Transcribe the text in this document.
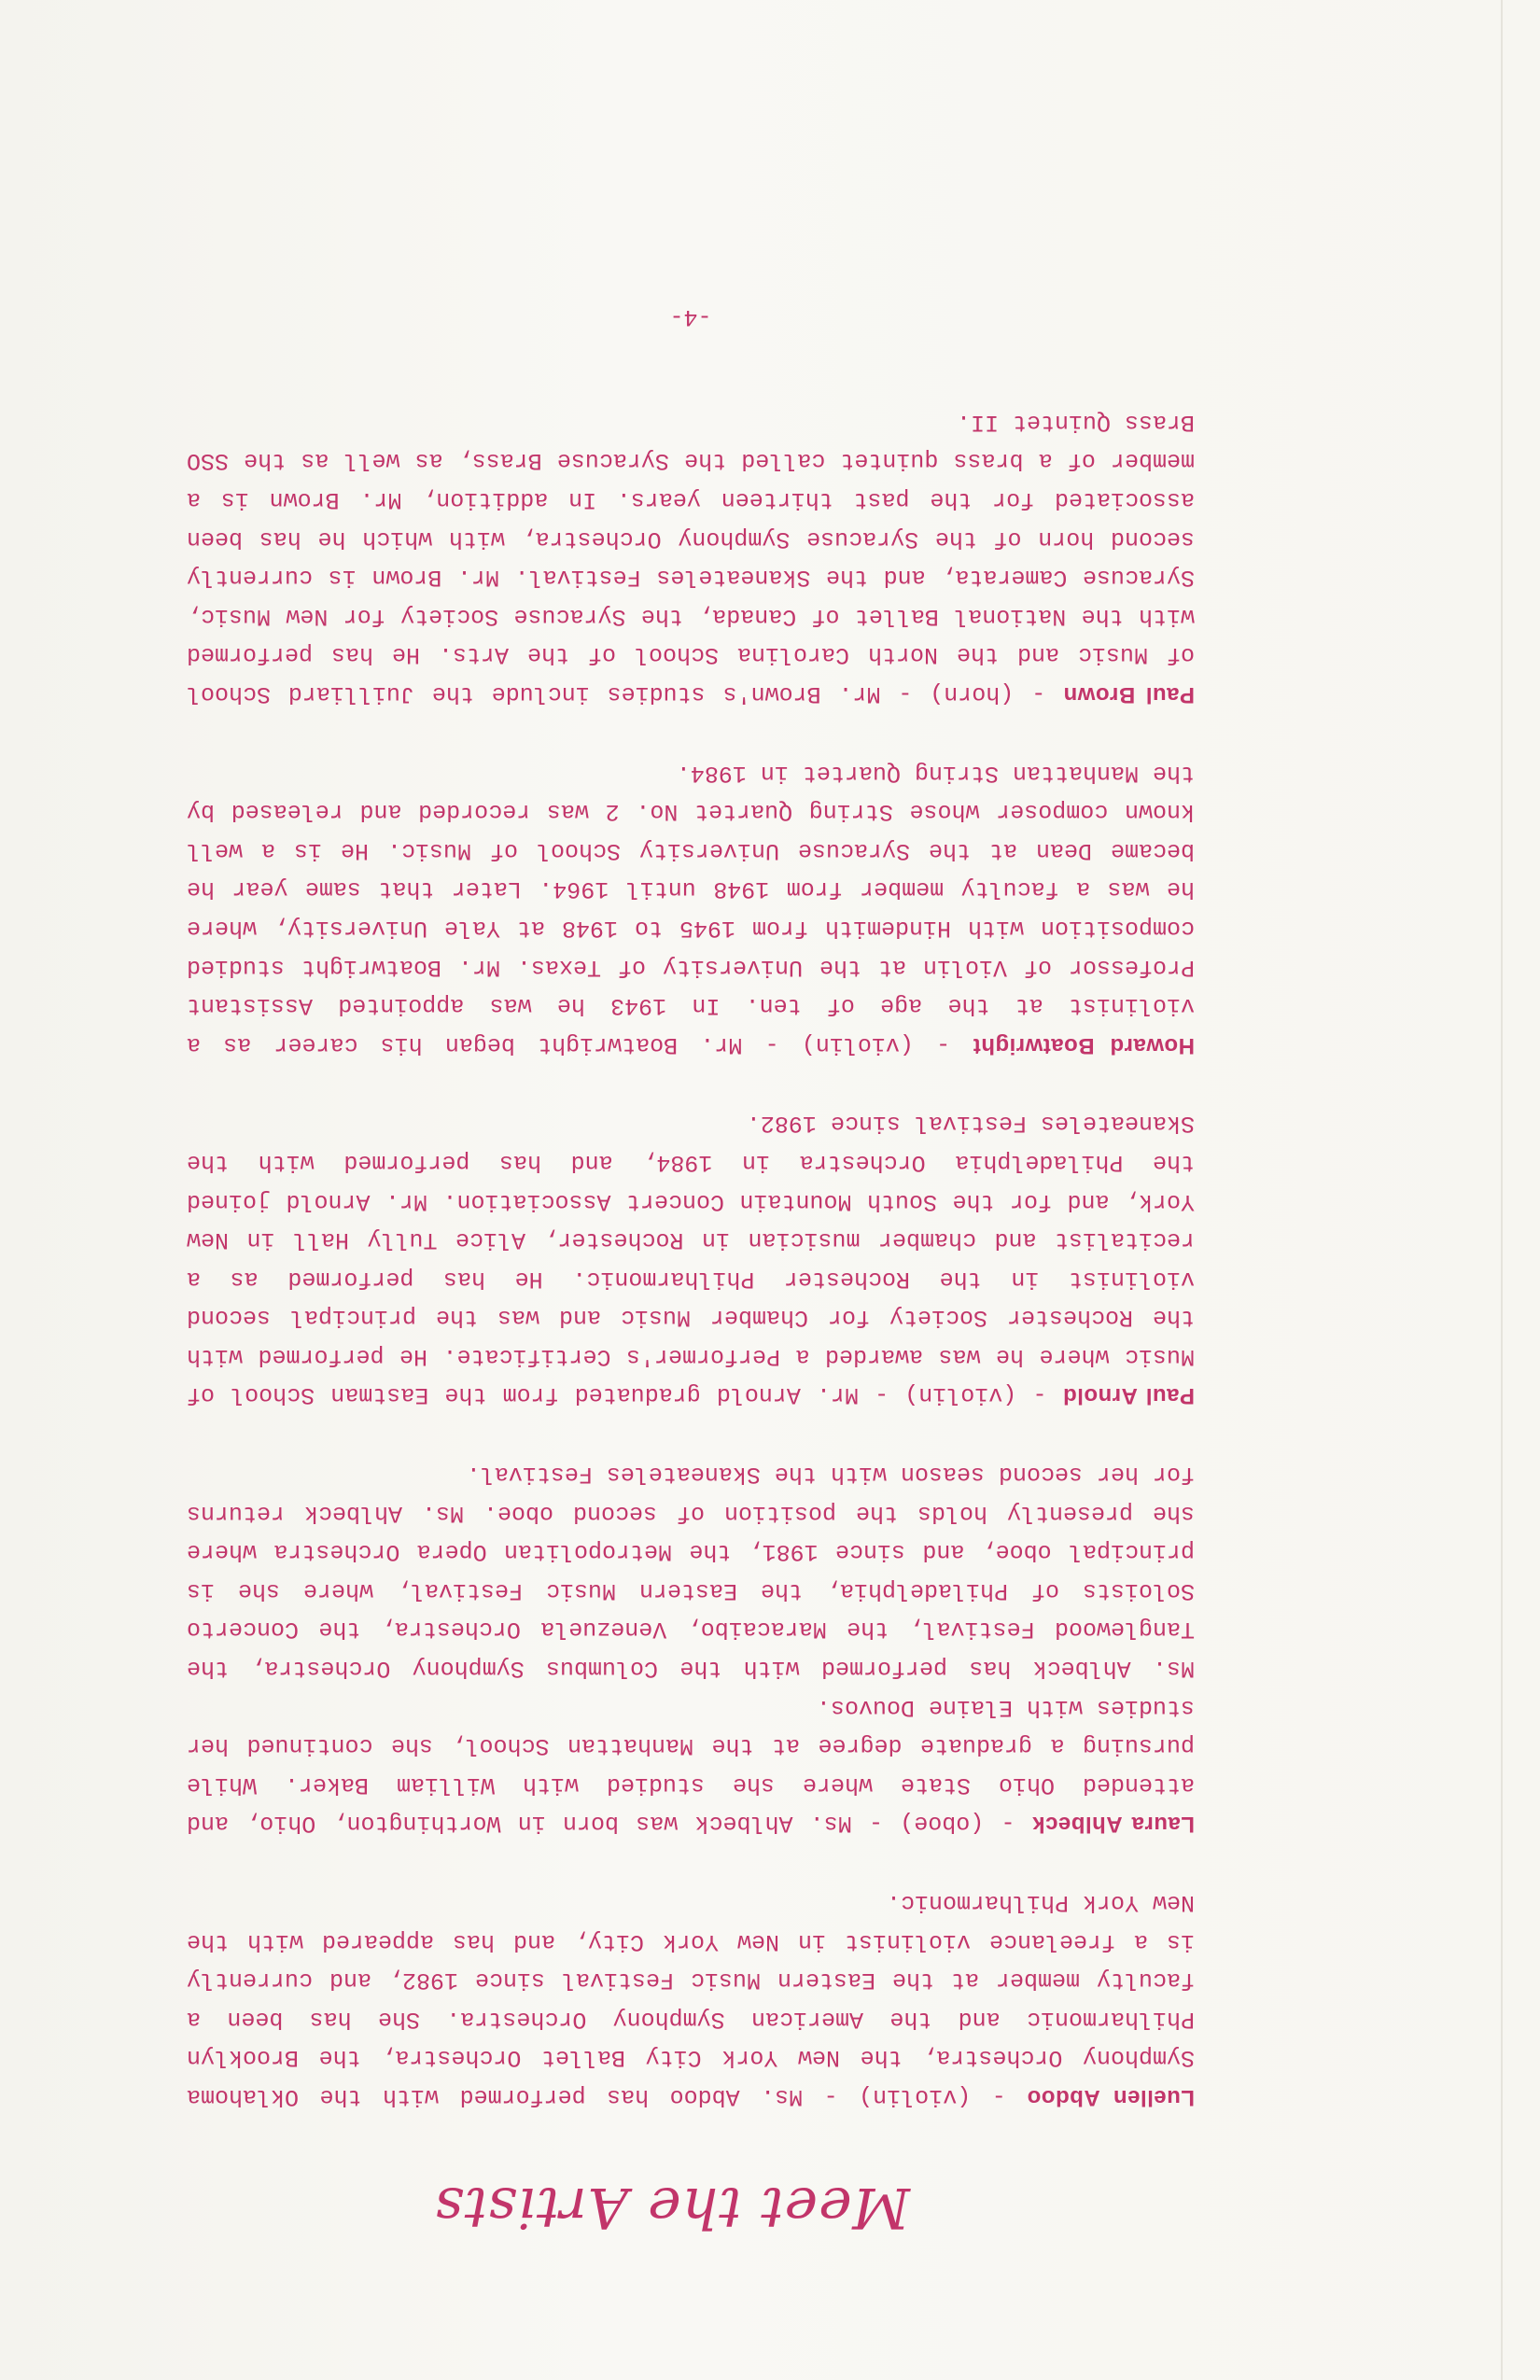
Meet the Artists

Luellen Abdoo - (violin) - Ms. Abdoo has performed with the Oklahoma Symphony Orchestra, the New York City Ballet Orchestra, the Brooklyn Philharmonic and the American Symphony Orchestra. She has been a faculty member at the Eastern Music Festival since 1982, and currently is a freelance violinist in New York City, and has appeared with the New York Philharmonic.

Laura Ahlbeck - (oboe) - Ms. Ahlbeck was born in Worthington, Ohio, and attended Ohio State where she studied with William Baker. While pursuing a graduate degree at the Manhattan School, she continued her studies with Elaine Douvos.

Ms. Ahlbeck has performed with the Columbus Symphony Orchestra, the Tanglewood Festival, the Maracaibo, Venezuela Orchestra, the Concerto Soloists of Philadelphia, the Eastern Music Festival, where she is principal oboe, and since 1981, the Metropolitan Opera Orchestra where she presently holds the position of second oboe. Ms. Ahlbeck returns for her second season with the Skaneateles Festival.

Paul Arnold - (violin) - Mr. Arnold graduated from the Eastman School of Music where he was awarded a Performer's Certificate. He performed with the Rochester Society for Chamber Music and was the principal second violinist in the Rochester Philharmonic. He has performed as a recitalist and chamber musician in Rochester, Alice Tully Hall in New York, and for the South Mountain Concert Association. Mr. Arnold joined the Philadelphia Orchestra in 1984, and has performed with the Skaneateles Festival since 1982.

Howard Boatwright - (violin) - Mr. Boatwright began his career as a violinist at the age of ten. In 1943 he was appointed Assistant Professor of Violin at the University of Texas. Mr. Boatwright studied composition with Hindemith from 1945 to 1948 at Yale University, where he was a faculty member from 1948 until 1964. Later that same year he became Dean at the Syracuse University School of Music. He is a well known composer whose String Quartet No. 2 was recorded and released by the Manhattan String Quartet in 1984.

Paul Brown - (horn) - Mr. Brown's studies include the Juilliard School of Music and the North Carolina School of the Arts. He has performed with the National Ballet of Canada, the Syracuse Society for New Music, Syracuse Camerata, and the Skaneateles Festival. Mr. Brown is currently second horn of the Syracuse Symphony Orchestra, with which he has been associated for the past thirteen years. In addition, Mr. Brown is a member of a brass quintet called the Syracuse Brass, as well as the SSO Brass Quintet II.

-4-
